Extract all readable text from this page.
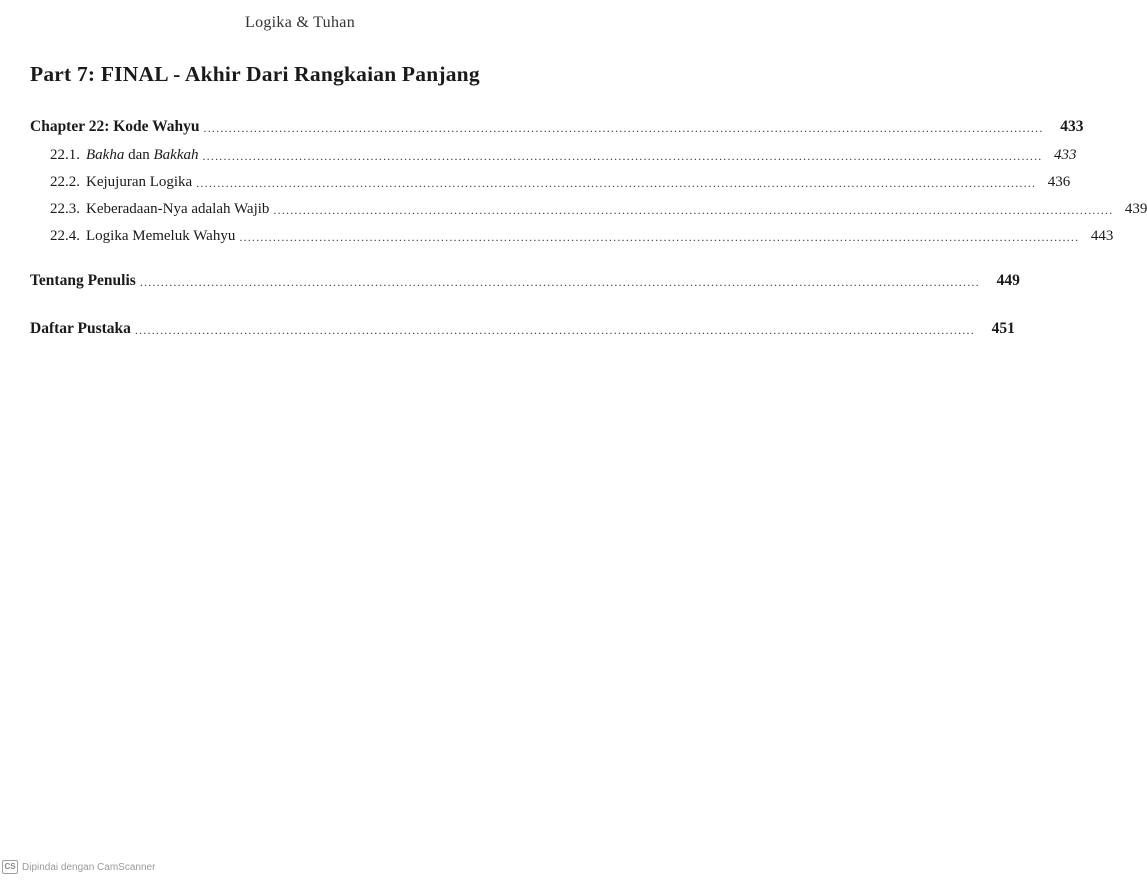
Logika & Tuhan
Part 7: FINAL - Akhir Dari Rangkaian Panjang
Chapter 22: Kode Wahyu ........................................................................................................................................................................................................	433
22.1. Bakha dan Bakkah ........................................................................................................................................................................................................ 433
22.2. Kejujuran Logika ........................................................................................................................................................................................................ 436
22.3. Keberadaan-Nya adalah Wajib ........................................................................................................................................................................................................ 439
22.4. Logika Memeluk Wahyu ........................................................................................................................................................................................................ 443
Tentang Penulis ........................................................................................................................................................................................................	449
Daftar Pustaka ........................................................................................................................................................................................................	451
CS Dipindai dengan CamScanner
